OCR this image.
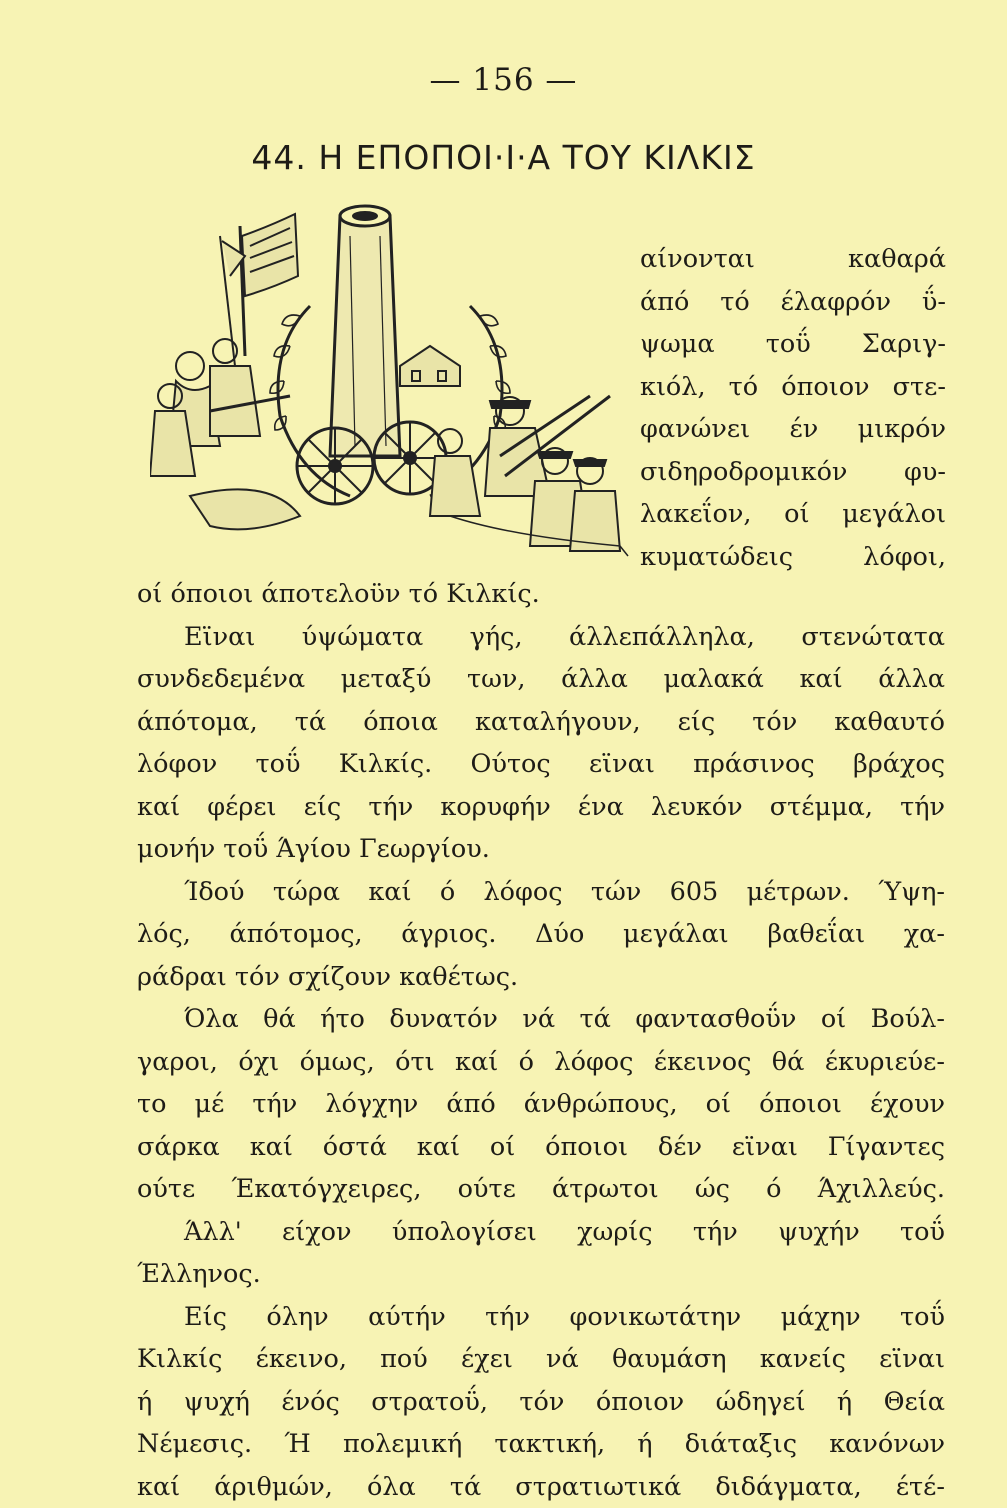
— 156 —
44. Η ΕΠΟΠΟΙ·Ι·Α ΤΟΥ ΚΙΛΚΙΣ
αίνονται καθαρά
άπό τό έλαφρόν ΰ-
ψωμα τοΰ Σαριγ-
κιόλ, τό όποιον στε-
φανώνει έν μικρόν
σιδηροδρομικόν φυ-
λακεΐον, οί μεγάλοι
κυματώδεις λόφοι,
οί όποιοι άποτελοϋν τό Κιλκίς.
Εϊναι ύψώματα γής, άλλεπάλληλα, στενώτατα
συνδεδεμένα μεταξύ των, άλλα μαλακά καί άλλα
άπότομα, τά όποια καταλήγουν, είς τόν καθαυτό
λόφον τοΰ Κιλκίς. Ούτος εϊναι πράσινος βράχος
καί φέρει είς τήν κορυφήν ένα λευκόν στέμμα, τήν
μονήν τοΰ Άγίου Γεωργίου.
Ίδού τώρα καί ό λόφος τών 605 μέτρων. Ύψη-
λός, άπότομος, άγριος. Δύο μεγάλαι βαθεΐαι χα-
ράδραι τόν σχίζουν καθέτως.
Όλα θά ήτο δυνατόν νά τά φαντασθοΰν οί Βούλ-
γαροι, όχι όμως, ότι καί ό λόφος έκεινος θά έκυριεύε-
το μέ τήν λόγχην άπό άνθρώπους, οί όποιοι έχουν
σάρκα καί όστά καί οί όποιοι δέν εϊναι Γίγαντες
ούτε Έκατόγχειρες, ούτε άτρωτοι ώς ό Άχιλλεύς.
Άλλ' είχον ύπολογίσει χωρίς τήν ψυχήν τοΰ
Έλληνος.
Είς όλην αύτήν τήν φονικωτάτην μάχην τοΰ
Κιλκίς έκεινο, πού έχει νά θαυμάση κανείς εϊναι
ή ψυχή ένός στρατοΰ, τόν όποιον ώδηγεί ή Θεία
Νέμεσις. Ή πολεμική τακτική, ή διάταξις κανόνων
καί άριθμών, όλα τά στρατιωτικά διδάγματα, έτέ-
